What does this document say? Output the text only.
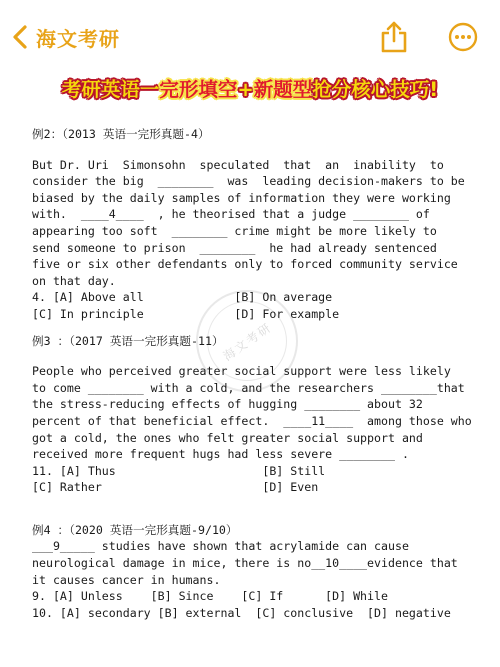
海文考研
考研英语一完形填空+新题型抢分核心技巧!
海文考研
例2：（2013 英语一完形真题-4）
But Dr. Uri  Simonsohn  speculated  that  an  inability  to
consider the big  ________  was  leading decision-makers to be
biased by the daily samples of information they were working
with.  ____4____  , he theorised that a judge ________ of
appearing too soft  ________ crime might be more likely to
send someone to prison  ________  he had already sentenced
five or six other defendants only to forced community service
on that day.
4. [A] Above all             [B] On average
[C] In principle             [D] For example
例3 ：（2017 英语一完形真题-11）
People who perceived greater social support were less likely
to come ________ with a cold, and the researchers ________that
the stress-reducing effects of hugging ________ about 32
percent of that beneficial effect.  ____11____  among those who
got a cold, the ones who felt greater social support and
received more frequent hugs had less severe ________ .
11. [A] Thus                     [B] Still
[C] Rather                       [D] Even
例4 ：（2020 英语一完形真题-9/10）
___9_____ studies have shown that acrylamide can cause
neurological damage in mice, there is no__10____evidence that
it causes cancer in humans.
9. [A] Unless    [B] Since    [C] If      [D] While
10. [A] secondary [B] external  [C] conclusive  [D] negative
